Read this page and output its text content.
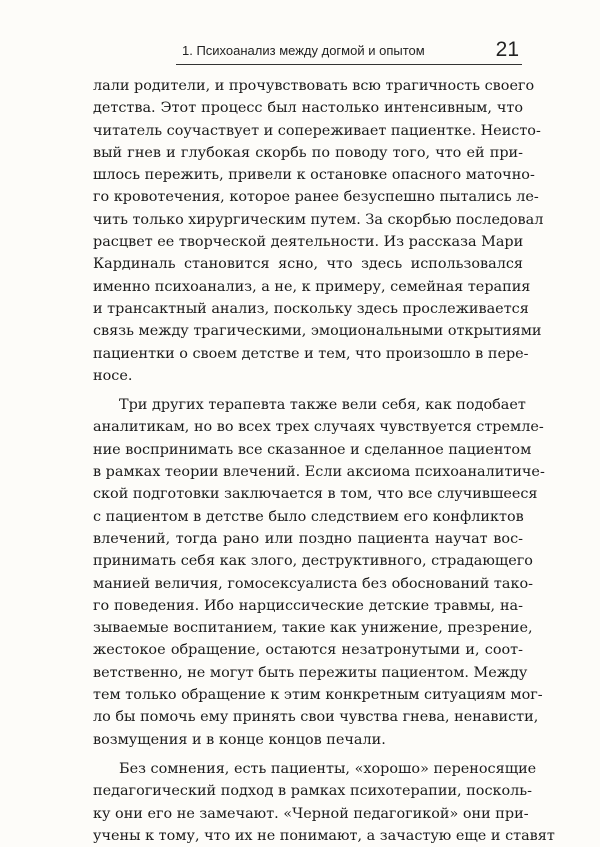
1. Психоанализ между догмой и опытом	21
лали родители, и прочувствовать всю трагичность своего
детства. Этот процесс был настолько интенсивным, что
читатель соучаствует и сопереживает пациентке. Неисто-
вый гнев и глубокая скорбь по поводу того, что ей при-
шлось пережить, привели к остановке опасного маточно-
го кровотечения, которое ранее безуспешно пытались ле-
чить только хирургическим путем. За скорбью последовал
расцвет ее творческой деятельности. Из рассказа Мари
Кардиналь становится ясно, что здесь использовался
именно психоанализ, а не, к примеру, семейная терапия
и трансактный анализ, поскольку здесь прослеживается
связь между трагическими, эмоциональными открытиями
пациентки о своем детстве и тем, что произошло в пере-
носе.
Три других терапевта также вели себя, как подобает
аналитикам, но во всех трех случаях чувствуется стремле-
ние воспринимать все сказанное и сделанное пациентом
в рамках теории влечений. Если аксиома психоаналитиче-
ской подготовки заключается в том, что все случившееся
с пациентом в детстве было следствием его конфликтов
влечений, тогда рано или поздно пациента научат вос-
принимать себя как злого, деструктивного, страдающего
манией величия, гомосексуалиста без обоснований тако-
го поведения. Ибо нарциссические детские травмы, на-
зываемые воспитанием, такие как унижение, презрение,
жестокое обращение, остаются незатронутыми и, соот-
ветственно, не могут быть пережиты пациентом. Между
тем только обращение к этим конкретным ситуациям мог-
ло бы помочь ему принять свои чувства гнева, ненависти,
возмущения и в конце концов печали.
Без сомнения, есть пациенты, «хорошо» переносящие
педагогический подход в рамках психотерапии, посколь-
ку они его не замечают. «Черной педагогикой» они при-
учены к тому, что их не понимают, а зачастую еще и ставят
